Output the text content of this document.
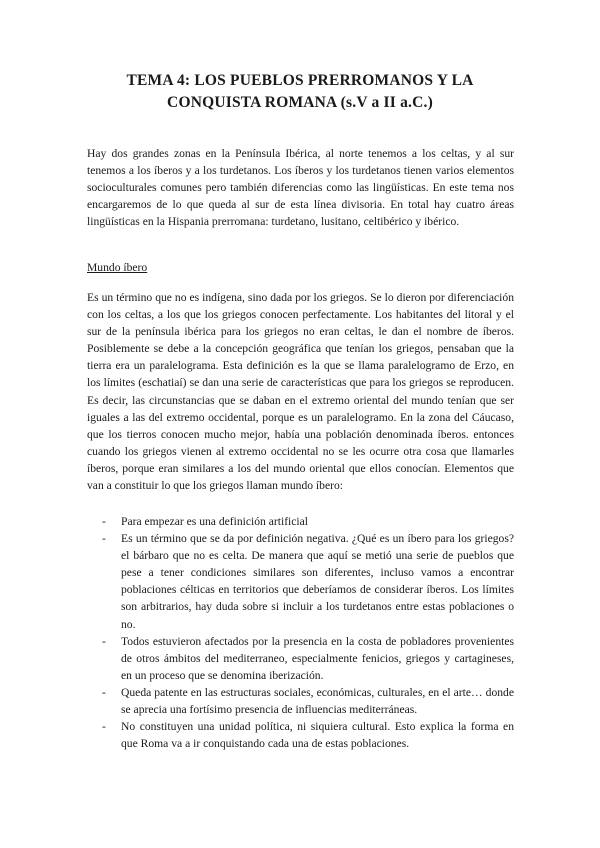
TEMA 4: LOS PUEBLOS PRERROMANOS Y LA
CONQUISTA ROMANA (s.V a II a.C.)

Hay dos grandes zonas en la Península Ibérica, al norte tenemos a los celtas, y al sur tenemos a los íberos y a los turdetanos. Los íberos y los turdetanos tienen varios elementos socioculturales comunes pero también diferencias como las lingüísticas. En este tema nos encargaremos de lo que queda al sur de esta línea divisoria. En total hay cuatro áreas lingüísticas en la Hispania prerromana: turdetano, lusitano, celtibérico y ibérico.

Mundo íbero

Es un término que no es indígena, sino dada por los griegos. Se lo dieron por diferenciación con los celtas, a los que los griegos conocen perfectamente. Los habitantes del litoral y el sur de la península ibérica para los griegos no eran celtas, le dan el nombre de íberos. Posiblemente se debe a la concepción geográfica que tenían los griegos, pensaban que la tierra era un paralelograma. Esta definición es la que se llama paralelogramo de Erzo, en los límites (eschatiaí) se dan una serie de características que para los griegos se reproducen. Es decir, las circunstancias que se daban en el extremo oriental del mundo tenían que ser iguales a las del extremo occidental, porque es un paralelogramo. En la zona del Cáucaso, que los tierros conocen mucho mejor, había una población denominada íberos. entonces cuando los griegos vienen al extremo occidental no se les ocurre otra cosa que llamarles íberos, porque eran similares a los del mundo oriental que ellos conocían. Elementos que van a constituir lo que los griegos llaman mundo íbero:

- Para empezar es una definición artificial
- Es un término que se da por definición negativa. ¿Qué es un íbero para los griegos? el bárbaro que no es celta. De manera que aquí se metió una serie de pueblos que pese a tener condiciones similares son diferentes, incluso vamos a encontrar poblaciones célticas en territorios que deberíamos de considerar íberos. Los límites son arbitrarios, hay duda sobre si incluir a los turdetanos entre estas poblaciones o no.
- Todos estuvieron afectados por la presencia en la costa de pobladores provenientes de otros ámbitos del mediterraneo, especialmente fenicios, griegos y cartagineses, en un proceso que se denomina iberización.
- Queda patente en las estructuras sociales, económicas, culturales, en el arte… donde se aprecia una fortísimo presencia de influencias mediterráneas.
- No constituyen una unidad política, ni siquiera cultural. Esto explica la forma en que Roma va a ir conquistando cada una de estas poblaciones.
